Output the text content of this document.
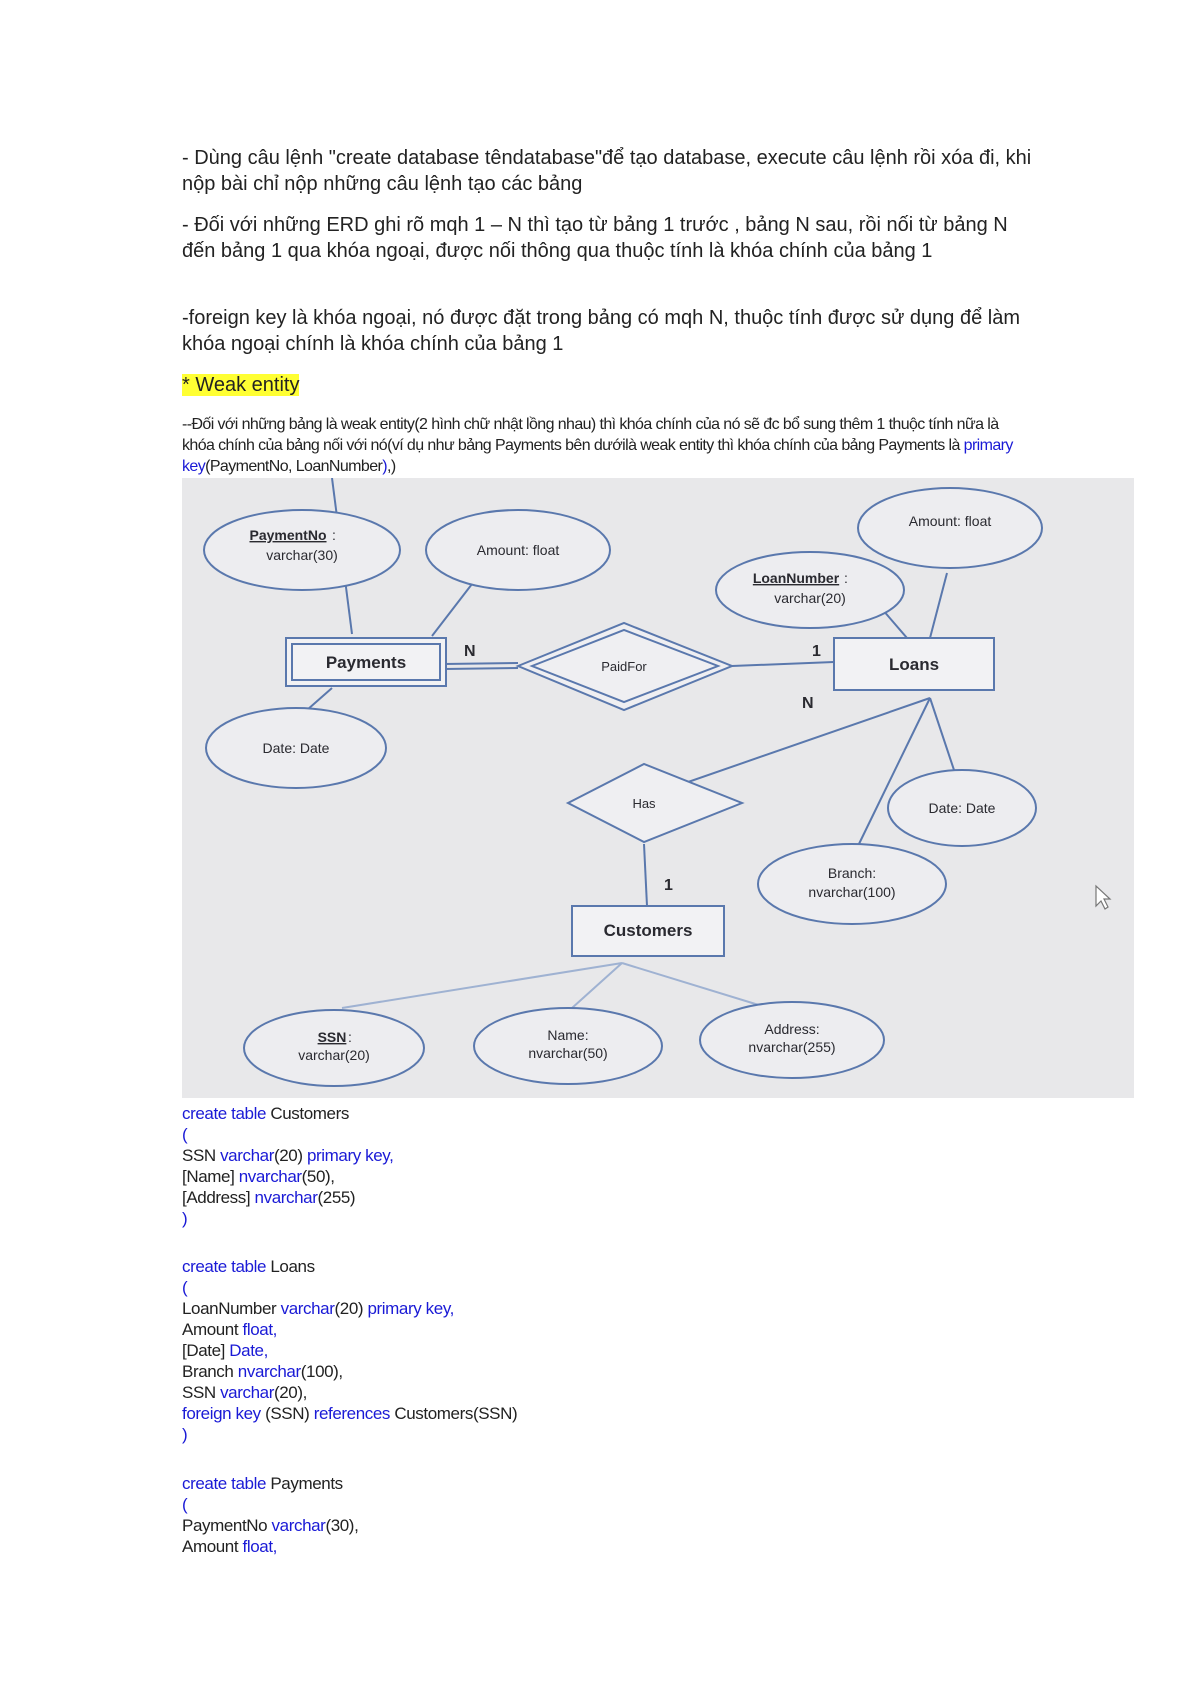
- Dùng câu lệnh "create database têndatabase"để tạo database, execute câu lệnh rồi xóa đi, khi nộp bài chỉ nộp những câu lệnh tạo các bảng

- Đối với những ERD ghi rõ mqh 1 – N thì tạo từ bảng 1 trước , bảng N sau, rồi nối từ bảng N đến bảng 1 qua khóa ngoại, được nối thông qua thuộc tính là khóa chính của bảng 1

-foreign key là khóa ngoại, nó được đặt trong bảng có mqh N, thuộc tính được sử dụng để làm khóa ngoại chính là khóa chính của bảng 1

* Weak entity
--Đối với những bảng là weak entity(2 hình chữ nhật lồng nhau) thì khóa chính của nó sẽ đc bổ sung thêm 1 thuộc tính nữa là khóa chính của bảng nối với nó(ví dụ như bảng Payments bên dướilà weak entity thì khóa chính của bảng Payments là primary key(PaymentNo, LoanNumber),)
Payments
PaymentNo :
varchar(30)	Amount: float
Date: Date
PaidFor	Loans
LoanNumber :
varchar(20)
Amount: float
Date: Date
Branch:
nvarchar(100)
Has
Customers
SSN :
varchar(20)
Name:
nvarchar(50)
Address:
nvarchar(255)
N	1
N
1
create table Customers
(
SSN varchar(20) primary key,
[Name] nvarchar(50),
[Address] nvarchar(255)
)
create table Loans
(
LoanNumber varchar(20) primary key,
Amount float,
[Date] Date,
Branch nvarchar(100),
SSN varchar(20),
foreign key (SSN) references Customers(SSN)
)
create table Payments
(
PaymentNo varchar(30),
Amount float,
